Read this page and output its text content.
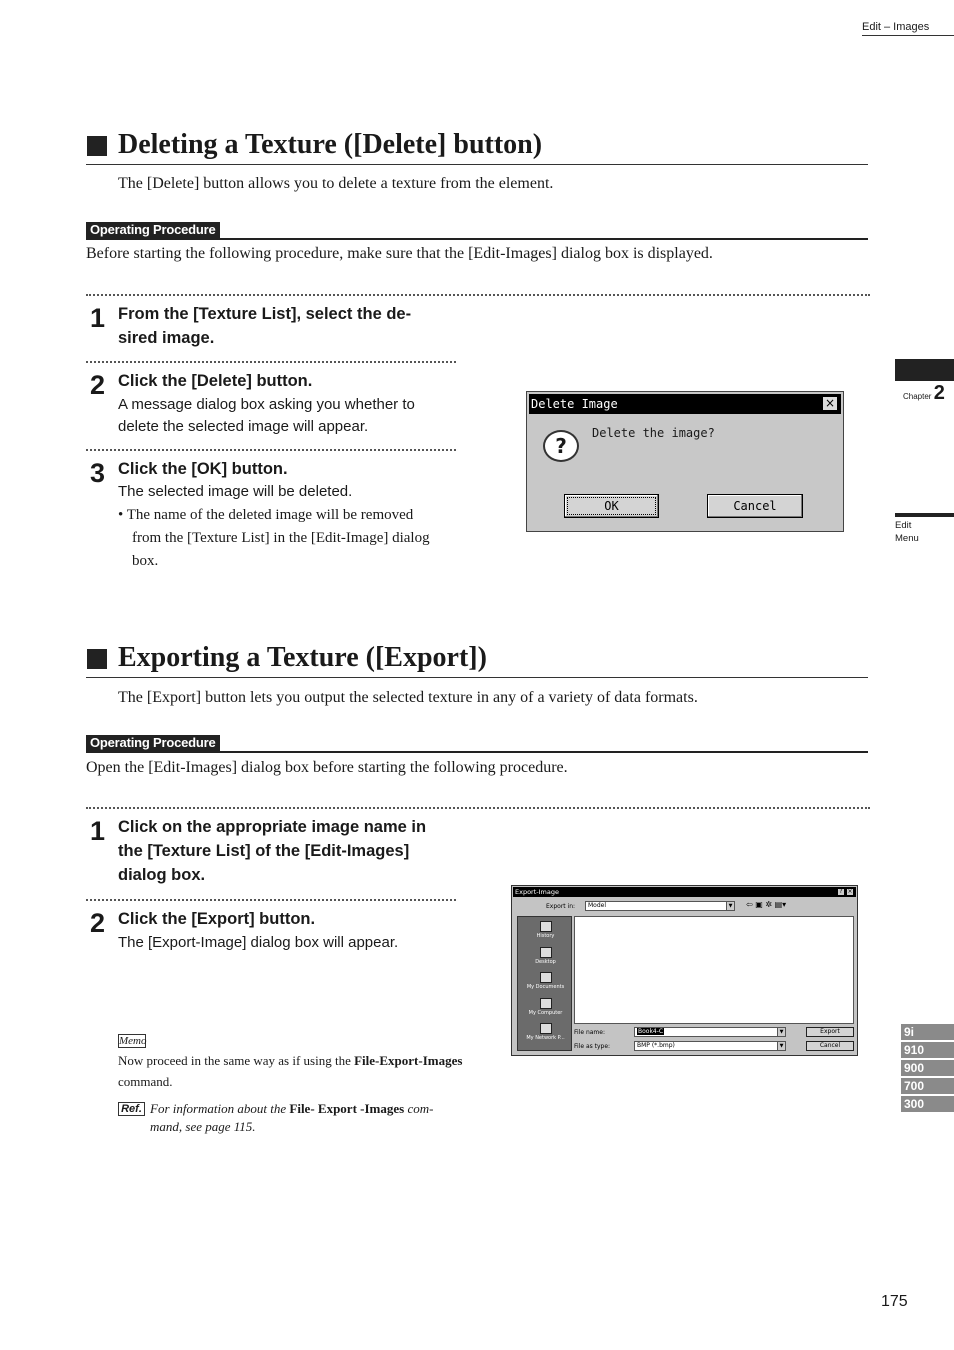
Edit – Images
Deleting a Texture ([Delete] button)
The [Delete] button allows you to delete a texture from the element.
Operating Procedure
Before starting the following procedure, make sure that the [Edit-Images] dialog box is displayed.
1 From the [Texture List], select the de-
sired image.
2 Click the [Delete] button.
A message dialog box asking you whether to
delete the selected image will appear.
3 Click the [OK] button.
The selected image will be deleted.
• The name of the deleted image will be removed
from the [Texture List] in the [Edit-Image] dialog
box.
Delete Image	×
?
Delete the image?
OK	Cancel
Exporting a Texture ([Export])
The [Export] button lets you output the selected texture in any of a variety of data formats.
Operating Procedure
Open the [Edit-Images] dialog box before starting the following procedure.
1 Click on the appropriate image name in
the [Texture List] of the [Edit-Images]
dialog box.
2 Click the [Export] button.
The [Export-Image] dialog box will appear.
Export-Image	? ×
Export in:	Model	▼ ⇦ ▣ ✲ ▤▾
History
Desktop
My Documents
My Computer
My Network P...
File name:	Book4-C	▼	Export
File as type:	BMP (*.bmp)	▼	Cancel
Memo
Now proceed in the same way as if using the File-Export-Images command.
Ref. For information about the File- Export -Images com-
mand, see page 115.
Chapter 2
Edit
Menu
9i
910
900
700
300
175
